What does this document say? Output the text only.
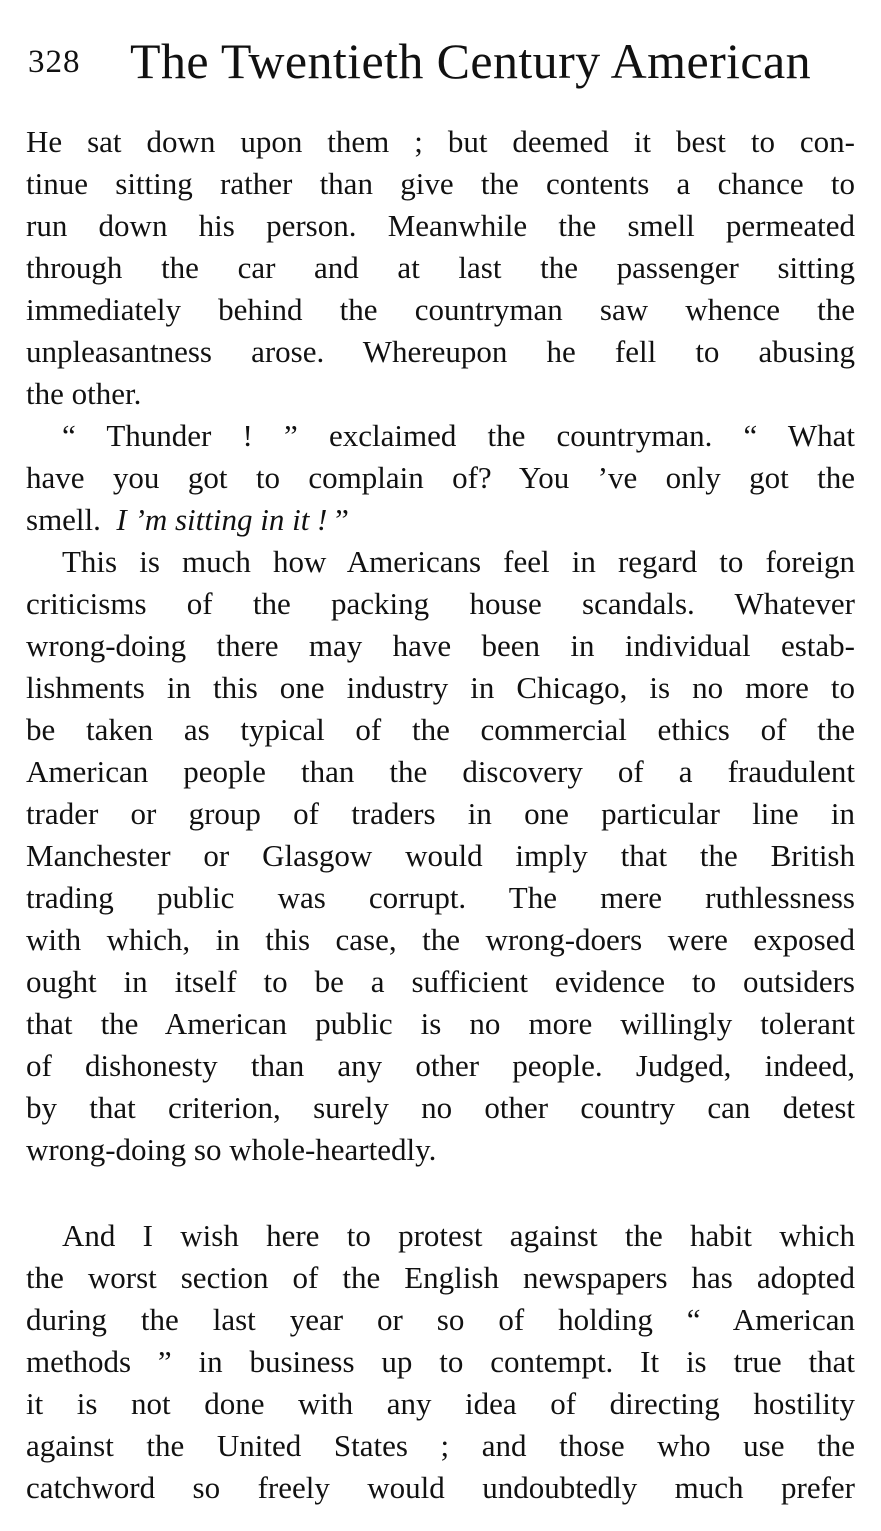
328 The Twentieth Century American
He sat down upon them ; but deemed it best to con-
tinue sitting rather than give the contents a chance to
run down his person. Meanwhile the smell permeated
through the car and at last the passenger sitting
immediately behind the countryman saw whence the
unpleasantness arose. Whereupon he fell to abusing
the other.
“ Thunder ! ” exclaimed the countryman. “ What
have you got to complain of? You ’ve only got the
smell. I ’m sitting in it ! ”
This is much how Americans feel in regard to foreign
criticisms of the packing house scandals. Whatever
wrong-doing there may have been in individual estab-
lishments in this one industry in Chicago, is no more to
be taken as typical of the commercial ethics of the
American people than the discovery of a fraudulent
trader or group of traders in one particular line in
Manchester or Glasgow would imply that the British
trading public was corrupt. The mere ruthlessness
with which, in this case, the wrong-doers were exposed
ought in itself to be a sufficient evidence to outsiders
that the American public is no more willingly tolerant
of dishonesty than any other people. Judged, indeed,
by that criterion, surely no other country can detest
wrong-doing so whole-heartedly.
And I wish here to protest against the habit which
the worst section of the English newspapers has adopted
during the last year or so of holding “ American
methods ” in business up to contempt. It is true that
it is not done with any idea of directing hostility
against the United States ; and those who use the
catchword so freely would undoubtedly much prefer
